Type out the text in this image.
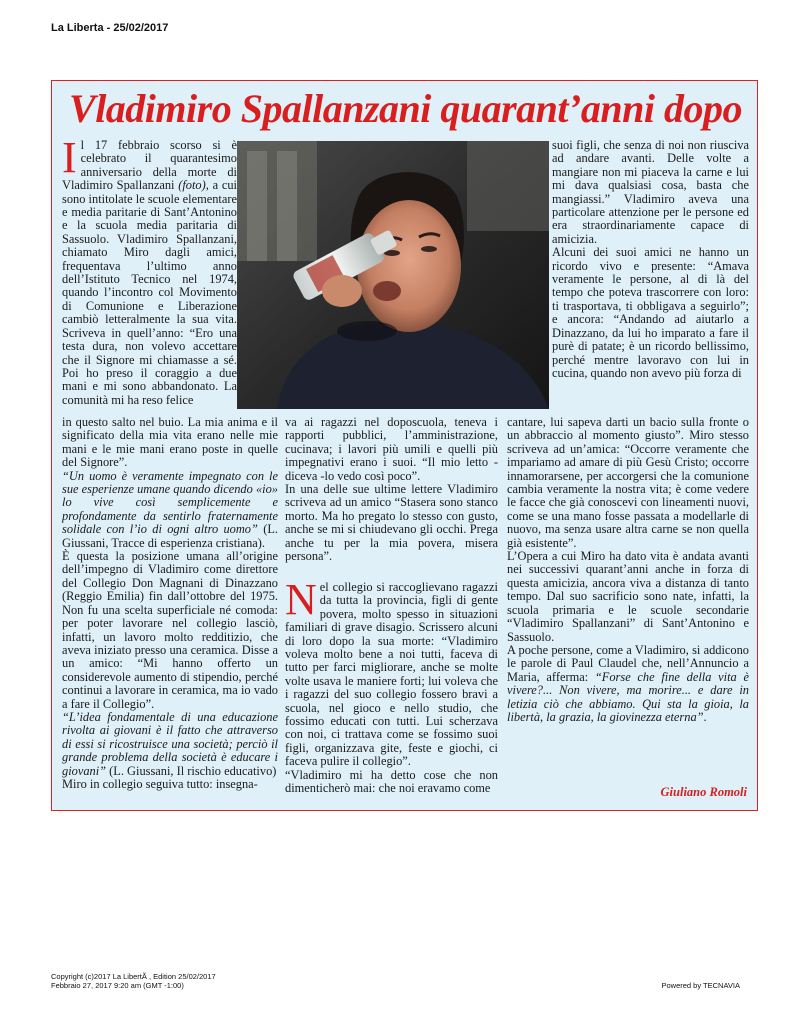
La Liberta - 25/02/2017
Vladimiro Spallanzani quarant’anni dopo
Il 17 febbraio scorso si è celebrato il quarantesimo anniversario della morte di Vladimiro Spallanzani (foto), a cui sono intitolate le scuole elementare e media paritarie di Sant’Antonino e la scuola media paritaria di Sassuolo. Vladimiro Spallanzani, chiamato Miro dagli amici, frequentava l’ultimo anno dell’Istituto Tecnico nel 1974, quando l’incontro col Movimento di Comunione e Liberazione cambiò letteralmente la sua vita. Scriveva in quell’anno: “Ero una testa dura, non volevo accettare che il Signore mi chiamasse a sé. Poi ho preso il coraggio a due mani e mi sono abbandonato. La comunità mi ha reso felice

in questo salto nel buio. La mia anima e il significato della mia vita erano nelle mie mani e le mie mani erano poste in quelle del Signore”.

“Un uomo è veramente impegnato con le sue esperienze umane quando dicendo «io» lo vive così semplicemente e profondamente da sentirlo fraternamente solidale con l’io di ogni altro uomo” (L. Giussani, Tracce di esperienza cristiana).

È questa la posizione umana all’origine dell’impegno di Vladimiro come direttore del Collegio Don Magnani di Dinazzano (Reggio Emilia) fin dall’ottobre del 1975. Non fu una scelta superficiale né comoda: per poter lavorare nel collegio lasciò, infatti, un lavoro molto redditizio, che aveva iniziato presso una ceramica. Disse a un amico: “Mi hanno offerto un considerevole aumento di stipendio, perché continui a lavorare in ceramica, ma io vado a fare il Collegio”.

“L’idea fondamentale di una educazione rivolta ai giovani è il fatto che attraverso di essi si ricostruisce una società; perciò il grande problema della società è educare i giovani” (L. Giussani, Il rischio educativo)

Miro in collegio seguiva tutto: insegna-

va ai ragazzi nel doposcuola, teneva i rapporti pubblici, l’amministrazione, cucinava; i lavori più umili e quelli più impegnativi erano i suoi. “Il mio letto - diceva -lo vedo così poco”.

In una delle sue ultime lettere Vladimiro scriveva ad un amico “Stasera sono stanco morto. Ma ho pregato lo stesso con gusto, anche se mi si chiudevano gli occhi. Prega anche tu per la mia povera, misera persona”.

Nel collegio si raccoglievano ragazzi da tutta la provincia, figli di gente povera, molto spesso in situazioni familiari di grave disagio. Scrissero alcuni di loro dopo la sua morte: “Vladimiro voleva molto bene a noi tutti, faceva di tutto per farci migliorare, anche se molte volte usava le maniere forti; lui voleva che i ragazzi del suo collegio fossero bravi a scuola, nel gioco e nello studio, che fossimo educati con tutti. Lui scherzava con noi, ci trattava come se fossimo suoi figli, organizzava gite, feste e giochi, ci faceva pulire il collegio”.

“Vladimiro mi ha detto cose che non dimenticherò mai: che noi eravamo come

suoi figli, che senza di noi non riusciva ad andare avanti. Delle volte a mangiare non mi piaceva la carne e lui mi dava qualsiasi cosa, basta che mangiassi.” Vladimiro aveva una particolare attenzione per le persone ed era straordinariamente capace di amicizia.

Alcuni dei suoi amici ne hanno un ricordo vivo e presente: “Amava veramente le persone, al di là del tempo che poteva trascorrere con loro: ti trasportava, ti obbligava a seguirlo”; e ancora: “Andando ad aiutarlo a Dinazzano, da lui ho imparato a fare il purè di patate; è un ricordo bellissimo, perché mentre lavoravo con lui in cucina, quando non avevo più forza di

cantare, lui sapeva darti un bacio sulla fronte o un abbraccio al momento giusto”. Miro stesso scriveva ad un’amica: “Occorre veramente che impariamo ad amare di più Gesù Cristo; occorre innamorarsene, per accorgersi che la comunione cambia veramente la nostra vita; è come vedere le facce che già conoscevi con lineamenti nuovi, come se una mano fosse passata a modellarle di nuovo, ma senza usare altra carne se non quella già esistente”.

L’Opera a cui Miro ha dato vita è andata avanti nei successivi quarant’anni anche in forza di questa amicizia, ancora viva a distanza di tanto tempo. Dal suo sacrificio sono nate, infatti, la scuola primaria e le scuole secondarie “Vladimiro Spallanzani” di Sant’Antonino e Sassuolo.

A poche persone, come a Vladimiro, si addicono le parole di Paul Claudel che, nell’Annuncio a Maria, afferma: “Forse che fine della vita è vivere?... Non vivere, ma morire... e dare in letizia ciò che abbiamo. Qui sta la gioia, la libertà, la grazia, la giovinezza eterna”.

Giuliano Romoli
Copyright (c)2017 La LibertÃ , Edition 25/02/2017
Febbraio 27, 2017 9:20 am (GMT -1:00)	Powered by TECNAVIA
